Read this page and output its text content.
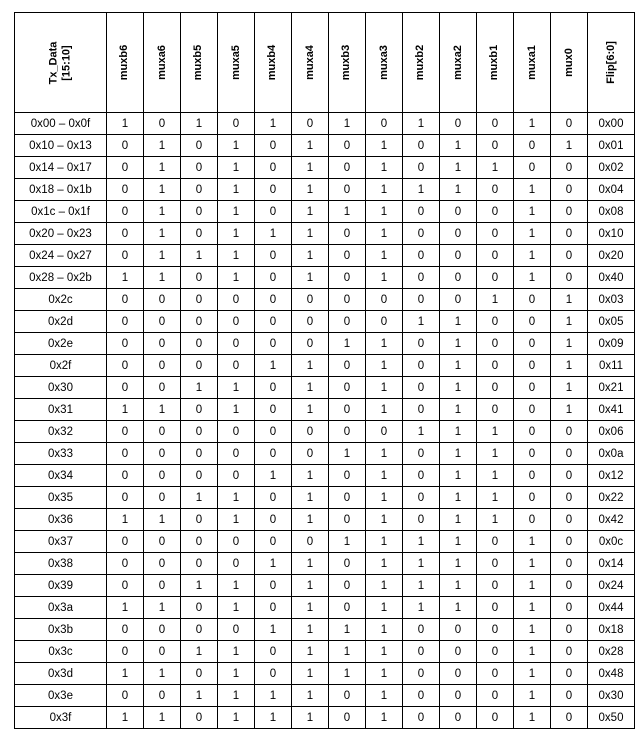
Tx_Data
[15:10]	muxb6	muxa6	muxb5	muxa5	muxb4	muxa4	muxb3	muxa3	muxb2	muxa2	muxb1	muxa1	mux0	Flip[6:0]
0x00 – 0x0f	1	0	1	0	1	0	1	0	1	0	0	1	0	0x00
0x10 – 0x13	0	1	0	1	0	1	0	1	0	1	0	0	1	0x01
0x14 – 0x17	0	1	0	1	0	1	0	1	0	1	1	0	0	0x02
0x18 – 0x1b	0	1	0	1	0	1	0	1	1	1	0	1	0	0x04
0x1c – 0x1f	0	1	0	1	0	1	1	1	0	0	0	1	0	0x08
0x20 – 0x23	0	1	0	1	1	1	0	1	0	0	0	1	0	0x10
0x24 – 0x27	0	1	1	1	0	1	0	1	0	0	0	1	0	0x20
0x28 – 0x2b	1	1	0	1	0	1	0	1	0	0	0	1	0	0x40
0x2c	0	0	0	0	0	0	0	0	0	0	1	0	1	0x03
0x2d	0	0	0	0	0	0	0	0	1	1	0	0	1	0x05
0x2e	0	0	0	0	0	0	1	1	0	1	0	0	1	0x09
0x2f	0	0	0	0	1	1	0	1	0	1	0	0	1	0x11
0x30	0	0	1	1	0	1	0	1	0	1	0	0	1	0x21
0x31	1	1	0	1	0	1	0	1	0	1	0	0	1	0x41
0x32	0	0	0	0	0	0	0	0	1	1	1	0	0	0x06
0x33	0	0	0	0	0	0	1	1	0	1	1	0	0	0x0a
0x34	0	0	0	0	1	1	0	1	0	1	1	0	0	0x12
0x35	0	0	1	1	0	1	0	1	0	1	1	0	0	0x22
0x36	1	1	0	1	0	1	0	1	0	1	1	0	0	0x42
0x37	0	0	0	0	0	0	1	1	1	1	0	1	0	0x0c
0x38	0	0	0	0	1	1	0	1	1	1	0	1	0	0x14
0x39	0	0	1	1	0	1	0	1	1	1	0	1	0	0x24
0x3a	1	1	0	1	0	1	0	1	1	1	0	1	0	0x44
0x3b	0	0	0	0	1	1	1	1	0	0	0	1	0	0x18
0x3c	0	0	1	1	0	1	1	1	0	0	0	1	0	0x28
0x3d	1	1	0	1	0	1	1	1	0	0	0	1	0	0x48
0x3e	0	0	1	1	1	1	0	1	0	0	0	1	0	0x30
0x3f	1	1	0	1	1	1	0	1	0	0	0	1	0	0x50
